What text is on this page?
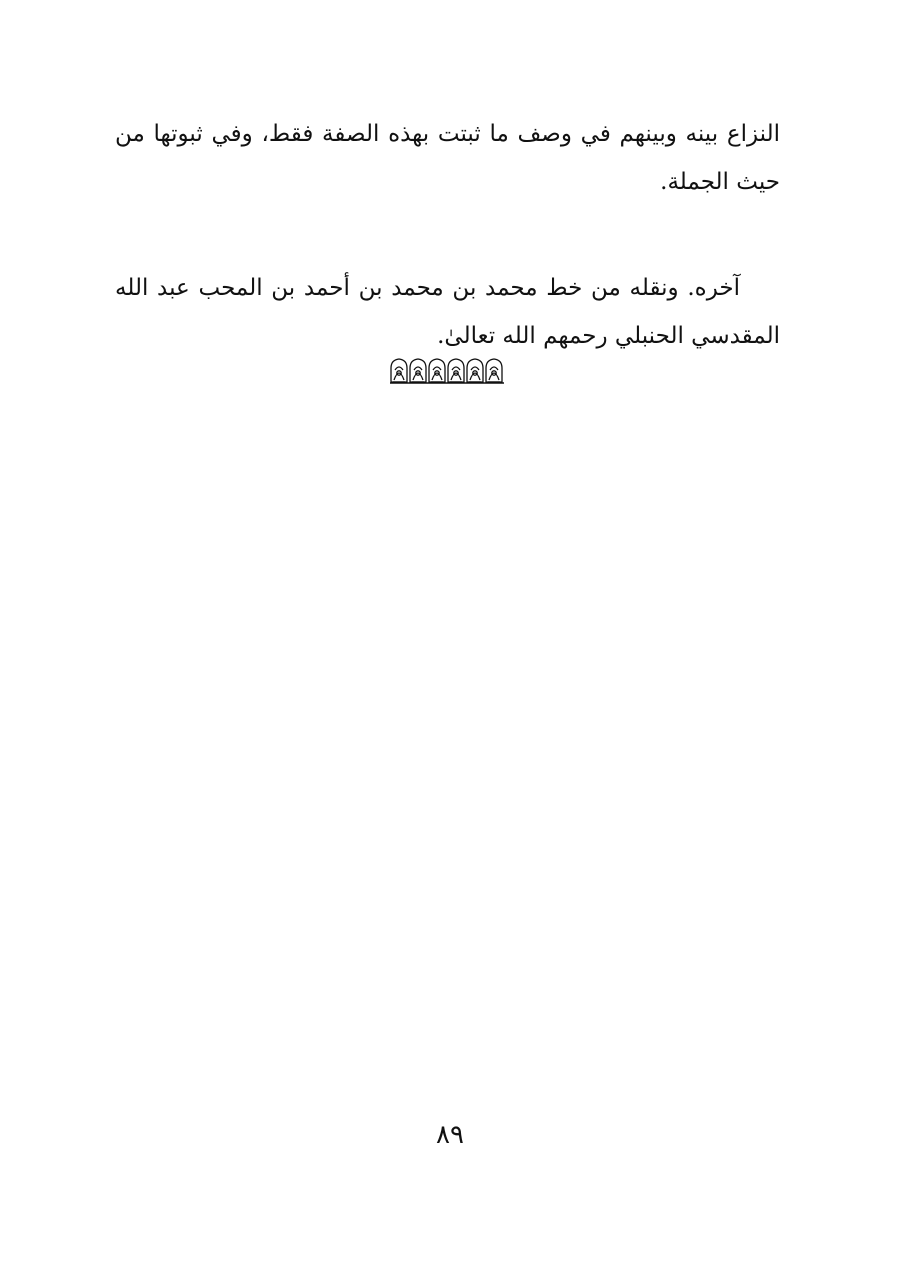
النزاع بينه وبينهم في وصف ما ثبتت بهذه الصفة فقط، وفي ثبوتها من حيث الجملة.

آخره. ونقله من خط محمد بن محمد بن أحمد بن المحب عبد الله المقدسي الحنبلي رحمهم الله تعالىٰ.

٨٩
